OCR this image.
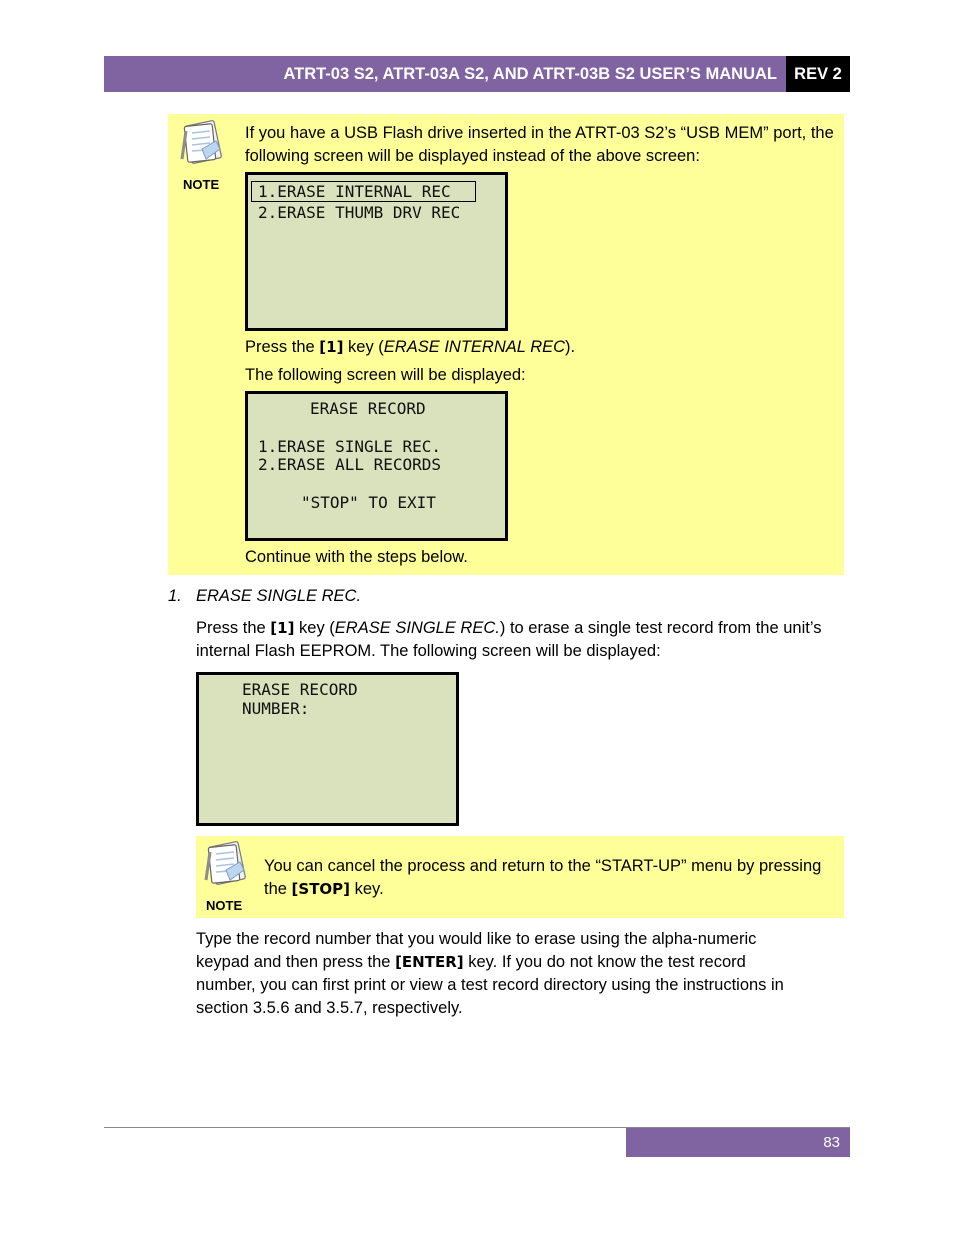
ATRT-03 S2, ATRT-03A S2, AND ATRT-03B S2 USER’S MANUAL	REV 2
NOTE
If you have a USB Flash drive inserted in the ATRT-03 S2’s “USB MEM” port, the following screen will be displayed instead of the above screen:
1.ERASE INTERNAL REC
2.ERASE THUMB DRV REC
Press the [1] key (ERASE INTERNAL REC).
The following screen will be displayed:
ERASE RECORD
1.ERASE SINGLE REC.
2.ERASE ALL RECORDS
"STOP" TO EXIT
Continue with the steps below.
1. ERASE SINGLE REC.
Press the [1] key (ERASE SINGLE REC.) to erase a single test record from the unit’s
internal Flash EEPROM. The following screen will be displayed:
ERASE RECORD
NUMBER:
NOTE
You can cancel the process and return to the “START-UP” menu by pressing
the [STOP] key.
Type the record number that you would like to erase using the alpha-numeric
keypad and then press the [ENTER] key. If you do not know the test record
number, you can first print or view a test record directory using the instructions in
section 3.5.6 and 3.5.7, respectively.
83
